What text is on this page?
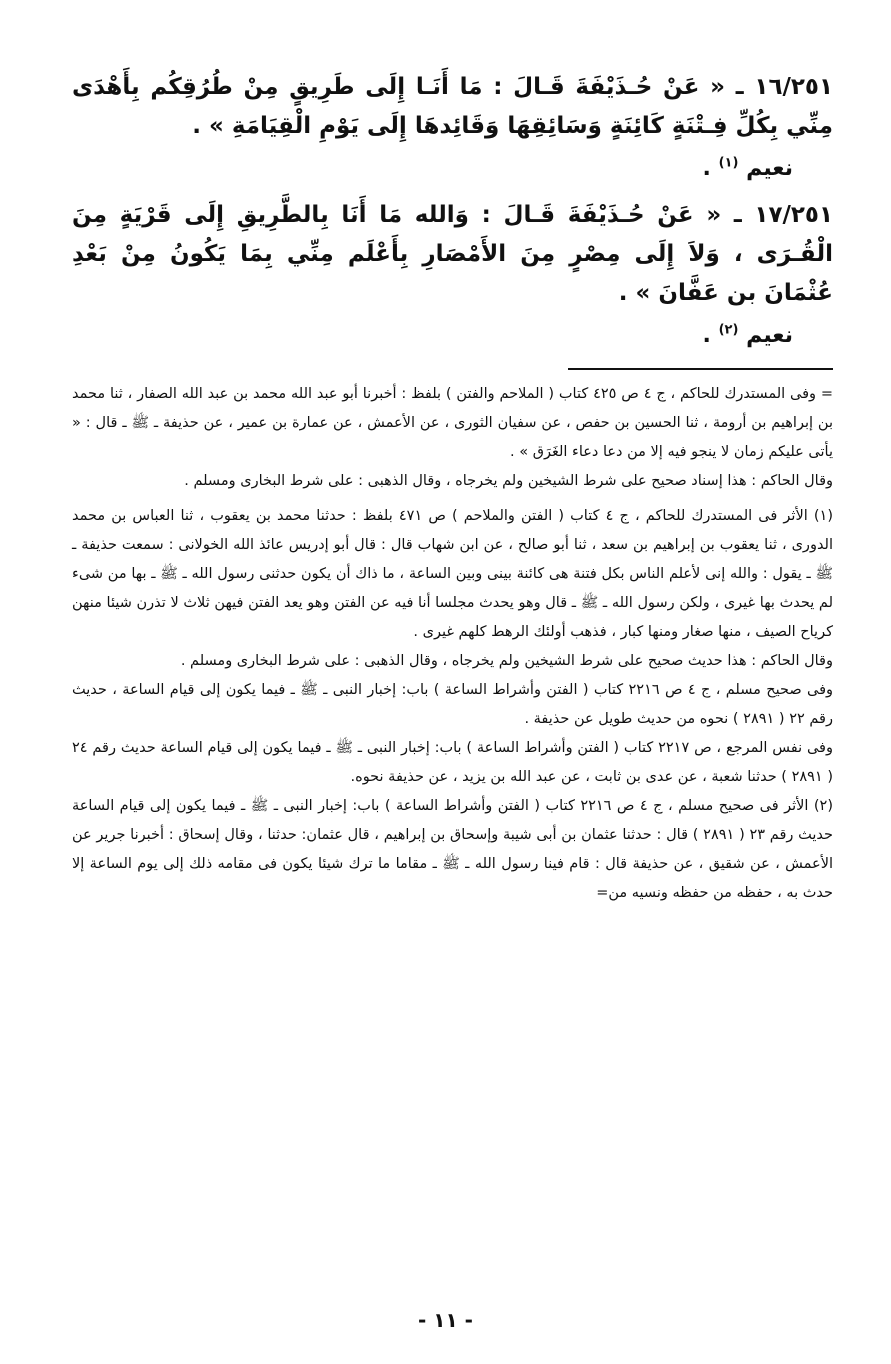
١٦/٢٥١ ـ « عَنْ حُـذَيْفَةَ قَـالَ : مَا أَنَـا إِلَى طَرِيقٍ مِنْ طُرُقِكُم بِأَهْدَى مِنِّي بِكُلِّ فِـتْنَةٍ كَائِنَةٍ وَسَائِقِهَا وَقَائِدهَا إِلَى يَوْمِ الْقِيَامَةِ » .

نعيم $^{(١)}$ .

١٧/٢٥١ ـ « عَنْ حُـذَيْفَةَ قَـالَ : وَالله مَا أَنَا بِالطَّرِيقِ إِلَى قَرْيَةٍ مِنَ الْقُـرَى ، وَلاَ إِلَى مِصْرٍ مِنَ الأَمْصَارِ بِأَعْلَم مِنِّي بِمَا يَكُونُ مِنْ بَعْدِ عُثْمَانَ بن عَفَّانَ » .

نعيم $^{(٢)}$ .

= وفى المستدرك للحاكم ، ج ٤ ص ٤٢٥ كتاب ( الملاحم والفتن ) بلفظ : أخبرنا أبو عبد الله محمد بن عبد الله الصفار ، ثنا محمد بن إبراهيم بن أرومة ، ثنا الحسين بن حفص ، عن سفيان الثورى ، عن الأعمش ، عن عمارة بن عمير ، عن حذيفة ـ ﷺ ـ قال : « يأتى عليكم زمان لا ينجو فيه إلا من دعا دعاء الغَرَق » .

وقال الحاكم : هذا إسناد صحيح على شرط الشيخين ولم يخرجاه ، وقال الذهبى : على شرط البخارى ومسلم .

(١) الأثر فى المستدرك للحاكم ، ج ٤ كتاب ( الفتن والملاحم ) ص ٤٧١ بلفظ : حدثنا محمد بن يعقوب ، ثنا العباس بن محمد الدورى ، ثنا يعقوب بن إبراهيم بن سعد ، ثنا أبو صالح ، عن ابن شهاب قال : قال أبو إدريس عائذ الله الخولانى : سمعت حذيفة ـ ﷺ ـ يقول : والله إنى لأعلم الناس بكل فتنة هى كائنة بينى وبين الساعة ، ما ذاك أن يكون حدثنى رسول الله ـ ﷺ ـ بها من شىء لم يحدث بها غيرى ، ولكن رسول الله ـ ﷺ ـ قال وهو يحدث مجلسا أنا فيه عن الفتن وهو يعد الفتن فيهن ثلاث لا تذرن شيئا منهن كرياح الصيف ، منها صغار ومنها كبار ، فذهب أولئك الرهط كلهم غيرى .

وقال الحاكم : هذا حديث صحيح على شرط الشيخين ولم يخرجاه ، وقال الذهبى : على شرط البخارى ومسلم .

وفى صحيح مسلم ، ج ٤ ص ٢٢١٦ كتاب ( الفتن وأشراط الساعة ) باب: إخبار النبى ـ ﷺ ـ فيما يكون إلى قيام الساعة ، حديث رقم ٢٢ ( ٢٨٩١ ) نحوه من حديث طويل عن حذيفة .

وفى نفس المرجع ، ص ٢٢١٧ كتاب ( الفتن وأشراط الساعة ) باب: إخبار النبى ـ ﷺ ـ فيما يكون إلى قيام الساعة حديث رقم ٢٤ ( ٢٨٩١ ) حدثنا شعبة ، عن عدى بن ثابت ، عن عبد الله بن يزيد ، عن حذيفة نحوه.

(٢) الأثر فى صحيح مسلم ، ج ٤ ص ٢٢١٦ كتاب ( الفتن وأشراط الساعة ) باب: إخبار النبى ـ ﷺ ـ فيما يكون إلى قيام الساعة حديث رقم ٢٣ ( ٢٨٩١ ) قال : حدثنا عثمان بن أبى شيبة وإسحاق بن إبراهيم ، قال عثمان: حدثنا ، وقال إسحاق : أخبرنا جرير عن الأعمش ، عن شقيق ، عن حذيفة قال : قام فينا رسول الله ـ ﷺ ـ مقاما ما ترك شيئا يكون فى مقامه ذلك إلى يوم الساعة إلا حدث به ، حفظه من حفظه ونسيه من=

- ١١ -
